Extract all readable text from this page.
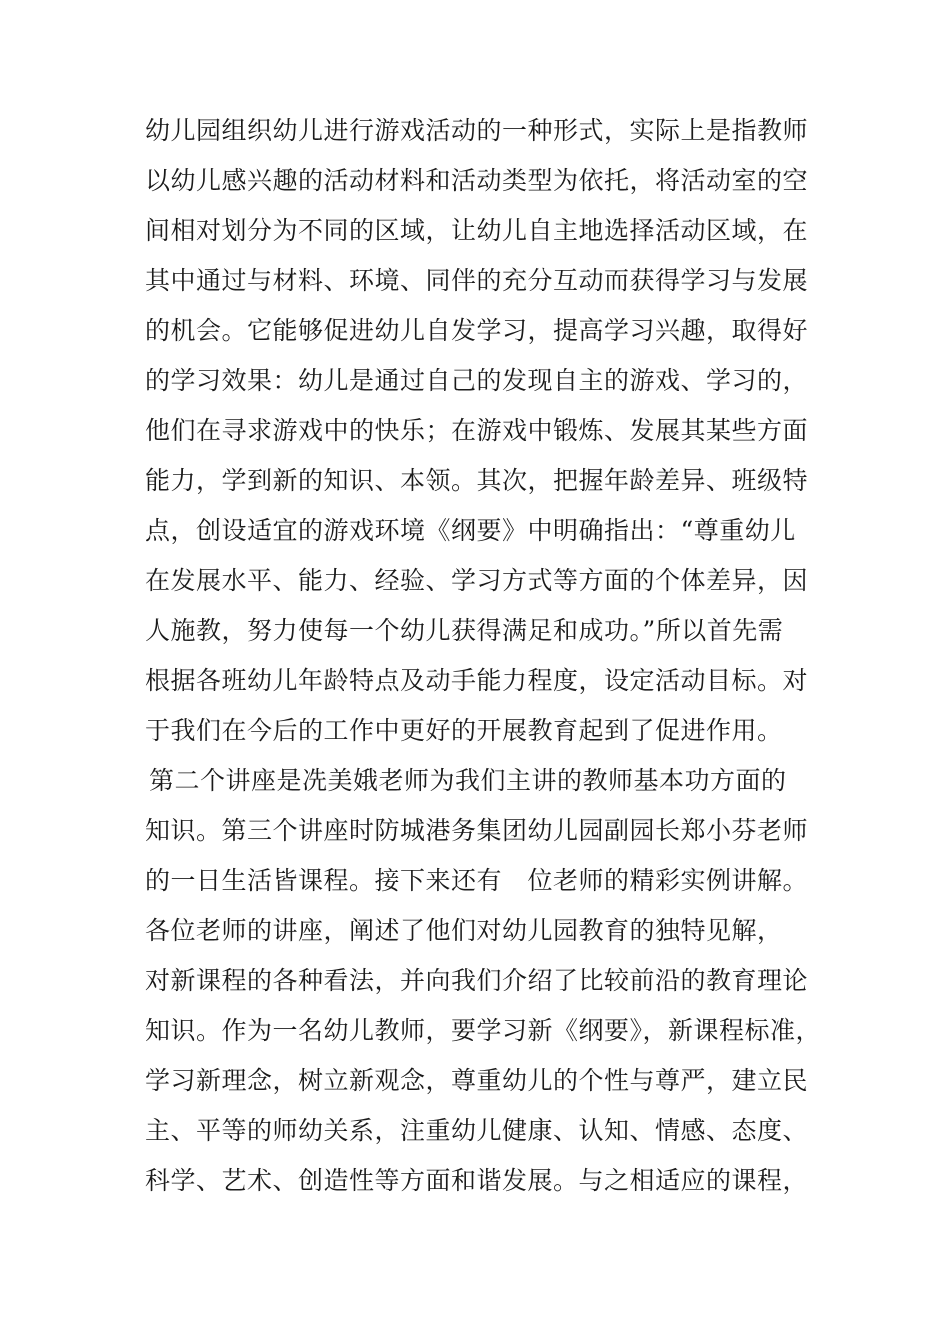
幼儿园组织幼儿进行游戏活动的一种形式，实际上是指教师
以幼儿感兴趣的活动材料和活动类型为依托，将活动室的空
间相对划分为不同的区域，让幼儿自主地选择活动区域，在
其中通过与材料、环境、同伴的充分互动而获得学习与发展
的机会。它能够促进幼儿自发学习，提高学习兴趣，取得好
的学习效果：幼儿是通过自己的发现自主的游戏、学习的，
他们在寻求游戏中的快乐；在游戏中锻炼、发展其某些方面
能力，学到新的知识、本领。其次，把握年龄差异、班级特
点，创设适宜的游戏环境《纲要》中明确指出：“尊重幼儿
在发展水平、能力、经验、学习方式等方面的个体差异，因
人施教，努力使每一个幼儿获得满足和成功。”所以首先需
根据各班幼儿年龄特点及动手能力程度，设定活动目标。对
于我们在今后的工作中更好的开展教育起到了促进作用。
第二个讲座是冼美娥老师为我们主讲的教师基本功方面的
知识。第三个讲座时防城港务集团幼儿园副园长郑小芬老师
的一日生活皆课程。接下来还有　位老师的精彩实例讲解。
各位老师的讲座，阐述了他们对幼儿园教育的独特见解，
对新课程的各种看法，并向我们介绍了比较前沿的教育理论
知识。作为一名幼儿教师，要学习新《纲要》，新课程标准，
学习新理念，树立新观念，尊重幼儿的个性与尊严，建立民
主、平等的师幼关系，注重幼儿健康、认知、情感、态度、
科学、艺术、创造性等方面和谐发展。与之相适应的课程，
